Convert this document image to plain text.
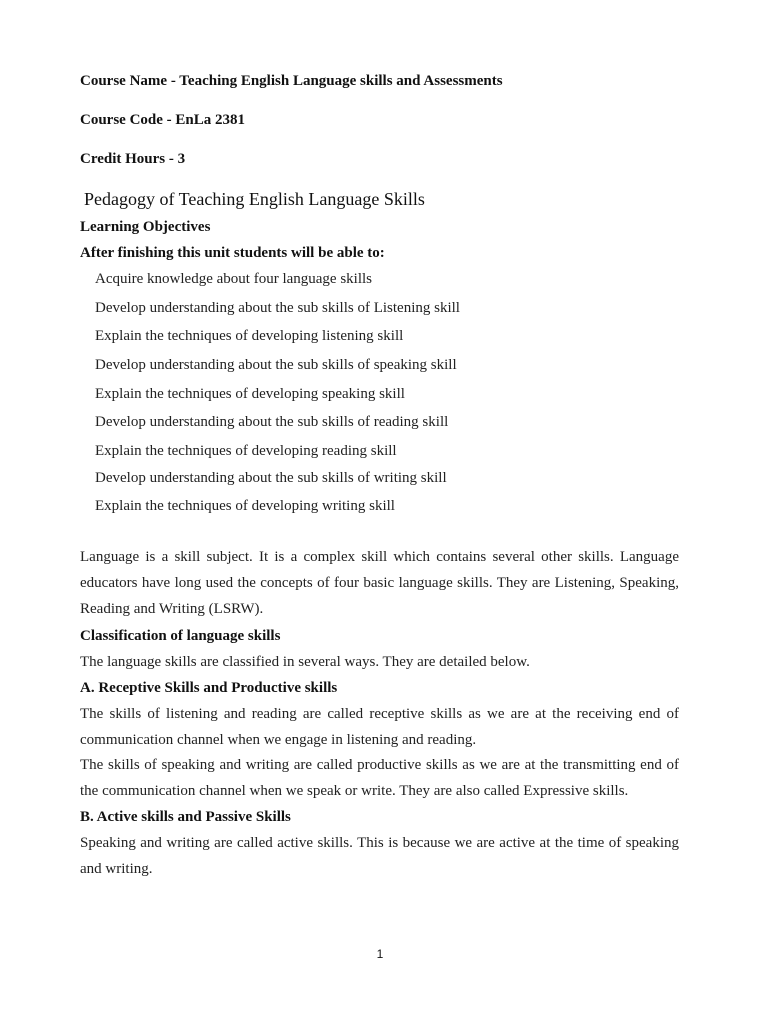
Course Name - Teaching English Language skills and Assessments
Course Code - EnLa 2381
Credit Hours - 3
Pedagogy of Teaching English Language Skills
Learning Objectives
After finishing this unit students will be able to:
Acquire knowledge about four language skills
Develop understanding about the sub skills of Listening skill
Explain the techniques of developing listening skill
Develop understanding about the sub skills of speaking skill
Explain the techniques of developing speaking skill
Develop understanding about the sub skills of reading skill
Explain the techniques of developing reading skill
Develop understanding about the sub skills of writing skill
Explain the techniques of developing writing skill

Language is a skill subject. It is a complex skill which contains several other skills. Language educators have long used the concepts of four basic language skills. They are Listening, Speaking, Reading and Writing (LSRW).

Classification of language skills

The language skills are classified in several ways. They are detailed below.

A. Receptive Skills and Productive skills

The skills of listening and reading are called receptive skills as we are at the receiving end of communication channel when we engage in listening and reading.

The skills of speaking and writing are called productive skills as we are at the transmitting end of the communication channel when we speak or write. They are also called Expressive skills.

B. Active skills and Passive Skills

Speaking and writing are called active skills. This is because we are active at the time of speaking and writing.

1
